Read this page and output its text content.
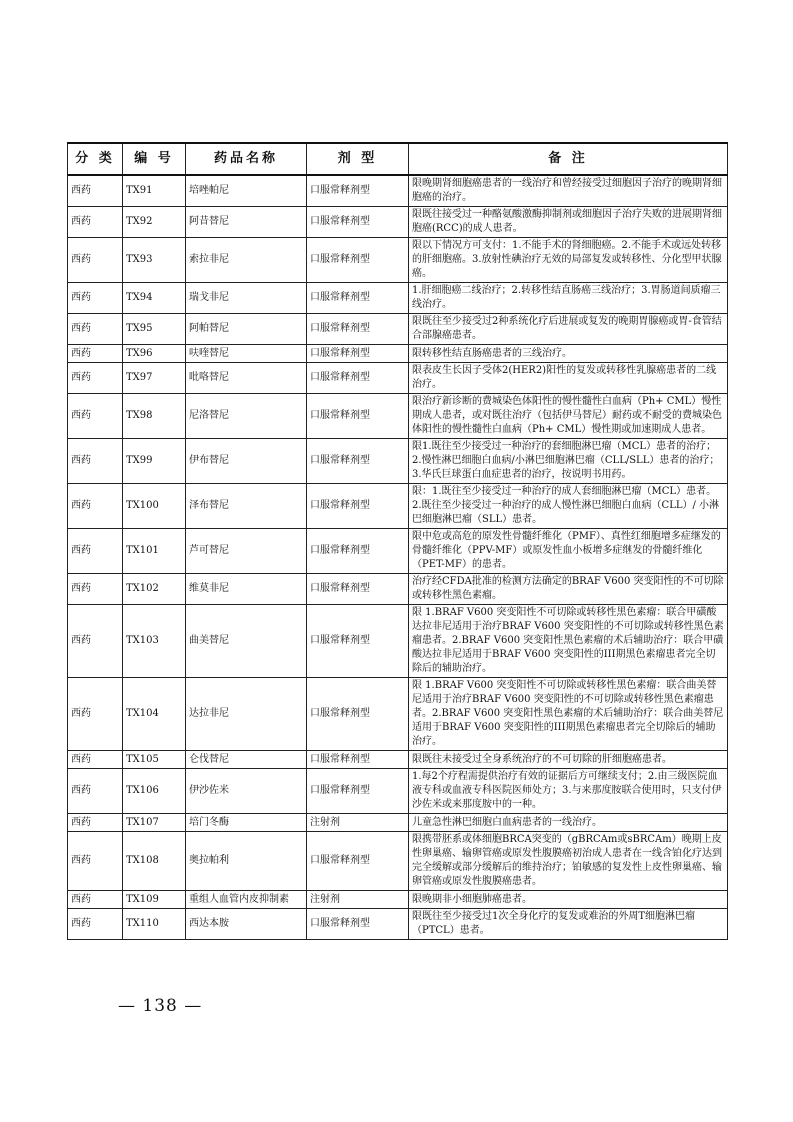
分 类	编 号	药品名称	剂 型	备 注
西药	TX91	培唑帕尼	口服常释剂型	限晚期肾细胞癌患者的一线治疗和曾经接受过细胞因子治疗的晚期肾细胞癌的治疗。
西药	TX92	阿昔替尼	口服常释剂型	限既往接受过一种酪氨酸激酶抑制剂或细胞因子治疗失败的进展期肾细胞癌(RCC)的成人患者。
西药	TX93	索拉非尼	口服常释剂型	限以下情况方可支付：1.不能手术的肾细胞癌。2.不能手术或远处转移的肝细胞癌。3.放射性碘治疗无效的局部复发或转移性、分化型甲状腺癌。
西药	TX94	瑞戈非尼	口服常释剂型	1.肝细胞癌二线治疗；2.转移性结直肠癌三线治疗；3.胃肠道间质瘤三线治疗。
西药	TX95	阿帕替尼	口服常释剂型	限既往至少接受过2种系统化疗后进展或复发的晚期胃腺癌或胃-食管结合部腺癌患者。
西药	TX96	呋喹替尼	口服常释剂型	限转移性结直肠癌患者的三线治疗。
西药	TX97	吡咯替尼	口服常释剂型	限表皮生长因子受体2(HER2)阳性的复发或转移性乳腺癌患者的二线治疗。
西药	TX98	尼洛替尼	口服常释剂型	限治疗新诊断的费城染色体阳性的慢性髓性白血病（Ph+ CML）慢性期成人患者，或对既往治疗（包括伊马替尼）耐药或不耐受的费城染色体阳性的慢性髓性白血病（Ph+ CML）慢性期或加速期成人患者。
西药	TX99	伊布替尼	口服常释剂型	限1.既往至少接受过一种治疗的套细胞淋巴瘤（MCL）患者的治疗；2.慢性淋巴细胞白血病/小淋巴细胞淋巴瘤（CLL/SLL）患者的治疗；3.华氏巨球蛋白血症患者的治疗，按说明书用药。
西药	TX100	泽布替尼	口服常释剂型	限：1.既往至少接受过一种治疗的成人套细胞淋巴瘤（MCL）患者。2.既往至少接受过一种治疗的成人慢性淋巴细胞白血病（CLL）/ 小淋巴细胞淋巴瘤（SLL）患者。
西药	TX101	芦可替尼	口服常释剂型	限中危或高危的原发性骨髓纤维化（PMF）、真性红细胞增多症继发的骨髓纤维化（PPV-MF）或原发性血小板增多症继发的骨髓纤维化（PET-MF）的患者。
西药	TX102	维莫非尼	口服常释剂型	治疗经CFDA批准的检测方法确定的BRAF V600 突变阳性的不可切除或转移性黑色素瘤。
西药	TX103	曲美替尼	口服常释剂型	限 1.BRAF V600 突变阳性不可切除或转移性黑色素瘤：联合甲磺酸达拉非尼适用于治疗BRAF V600 突变阳性的不可切除或转移性黑色素瘤患者。2.BRAF V600 突变阳性黑色素瘤的术后辅助治疗：联合甲磺酸达拉非尼适用于BRAF V600 突变阳性的III期黑色素瘤患者完全切除后的辅助治疗。
西药	TX104	达拉非尼	口服常释剂型	限 1.BRAF V600 突变阳性不可切除或转移性黑色素瘤：联合曲美替尼适用于治疗BRAF V600 突变阳性的不可切除或转移性黑色素瘤患者。2.BRAF V600 突变阳性黑色素瘤的术后辅助治疗：联合曲美替尼适用于BRAF V600 突变阳性的III期黑色素瘤患者完全切除后的辅助治疗。
西药	TX105	仑伐替尼	口服常释剂型	限既往未接受过全身系统治疗的不可切除的肝细胞癌患者。
西药	TX106	伊沙佐米	口服常释剂型	1.每2个疗程需提供治疗有效的证据后方可继续支付；2.由三级医院血液专科或血液专科医院医师处方；3.与来那度胺联合使用时，只支付伊沙佐米或来那度胺中的一种。
西药	TX107	培门冬酶	注射剂	儿童急性淋巴细胞白血病患者的一线治疗。
西药	TX108	奥拉帕利	口服常释剂型	限携带胚系或体细胞BRCA突变的（gBRCAm或sBRCAm）晚期上皮性卵巢癌、输卵管癌或原发性腹膜癌初治成人患者在一线含铂化疗达到完全缓解或部分缓解后的维持治疗；铂敏感的复发性上皮性卵巢癌、输卵管癌或原发性腹膜癌患者。
西药	TX109	重组人血管内皮抑制素	注射剂	限晚期非小细胞肺癌患者。
西药	TX110	西达本胺	口服常释剂型	限既往至少接受过1次全身化疗的复发或难治的外周T细胞淋巴瘤（PTCL）患者。
— 138 —
